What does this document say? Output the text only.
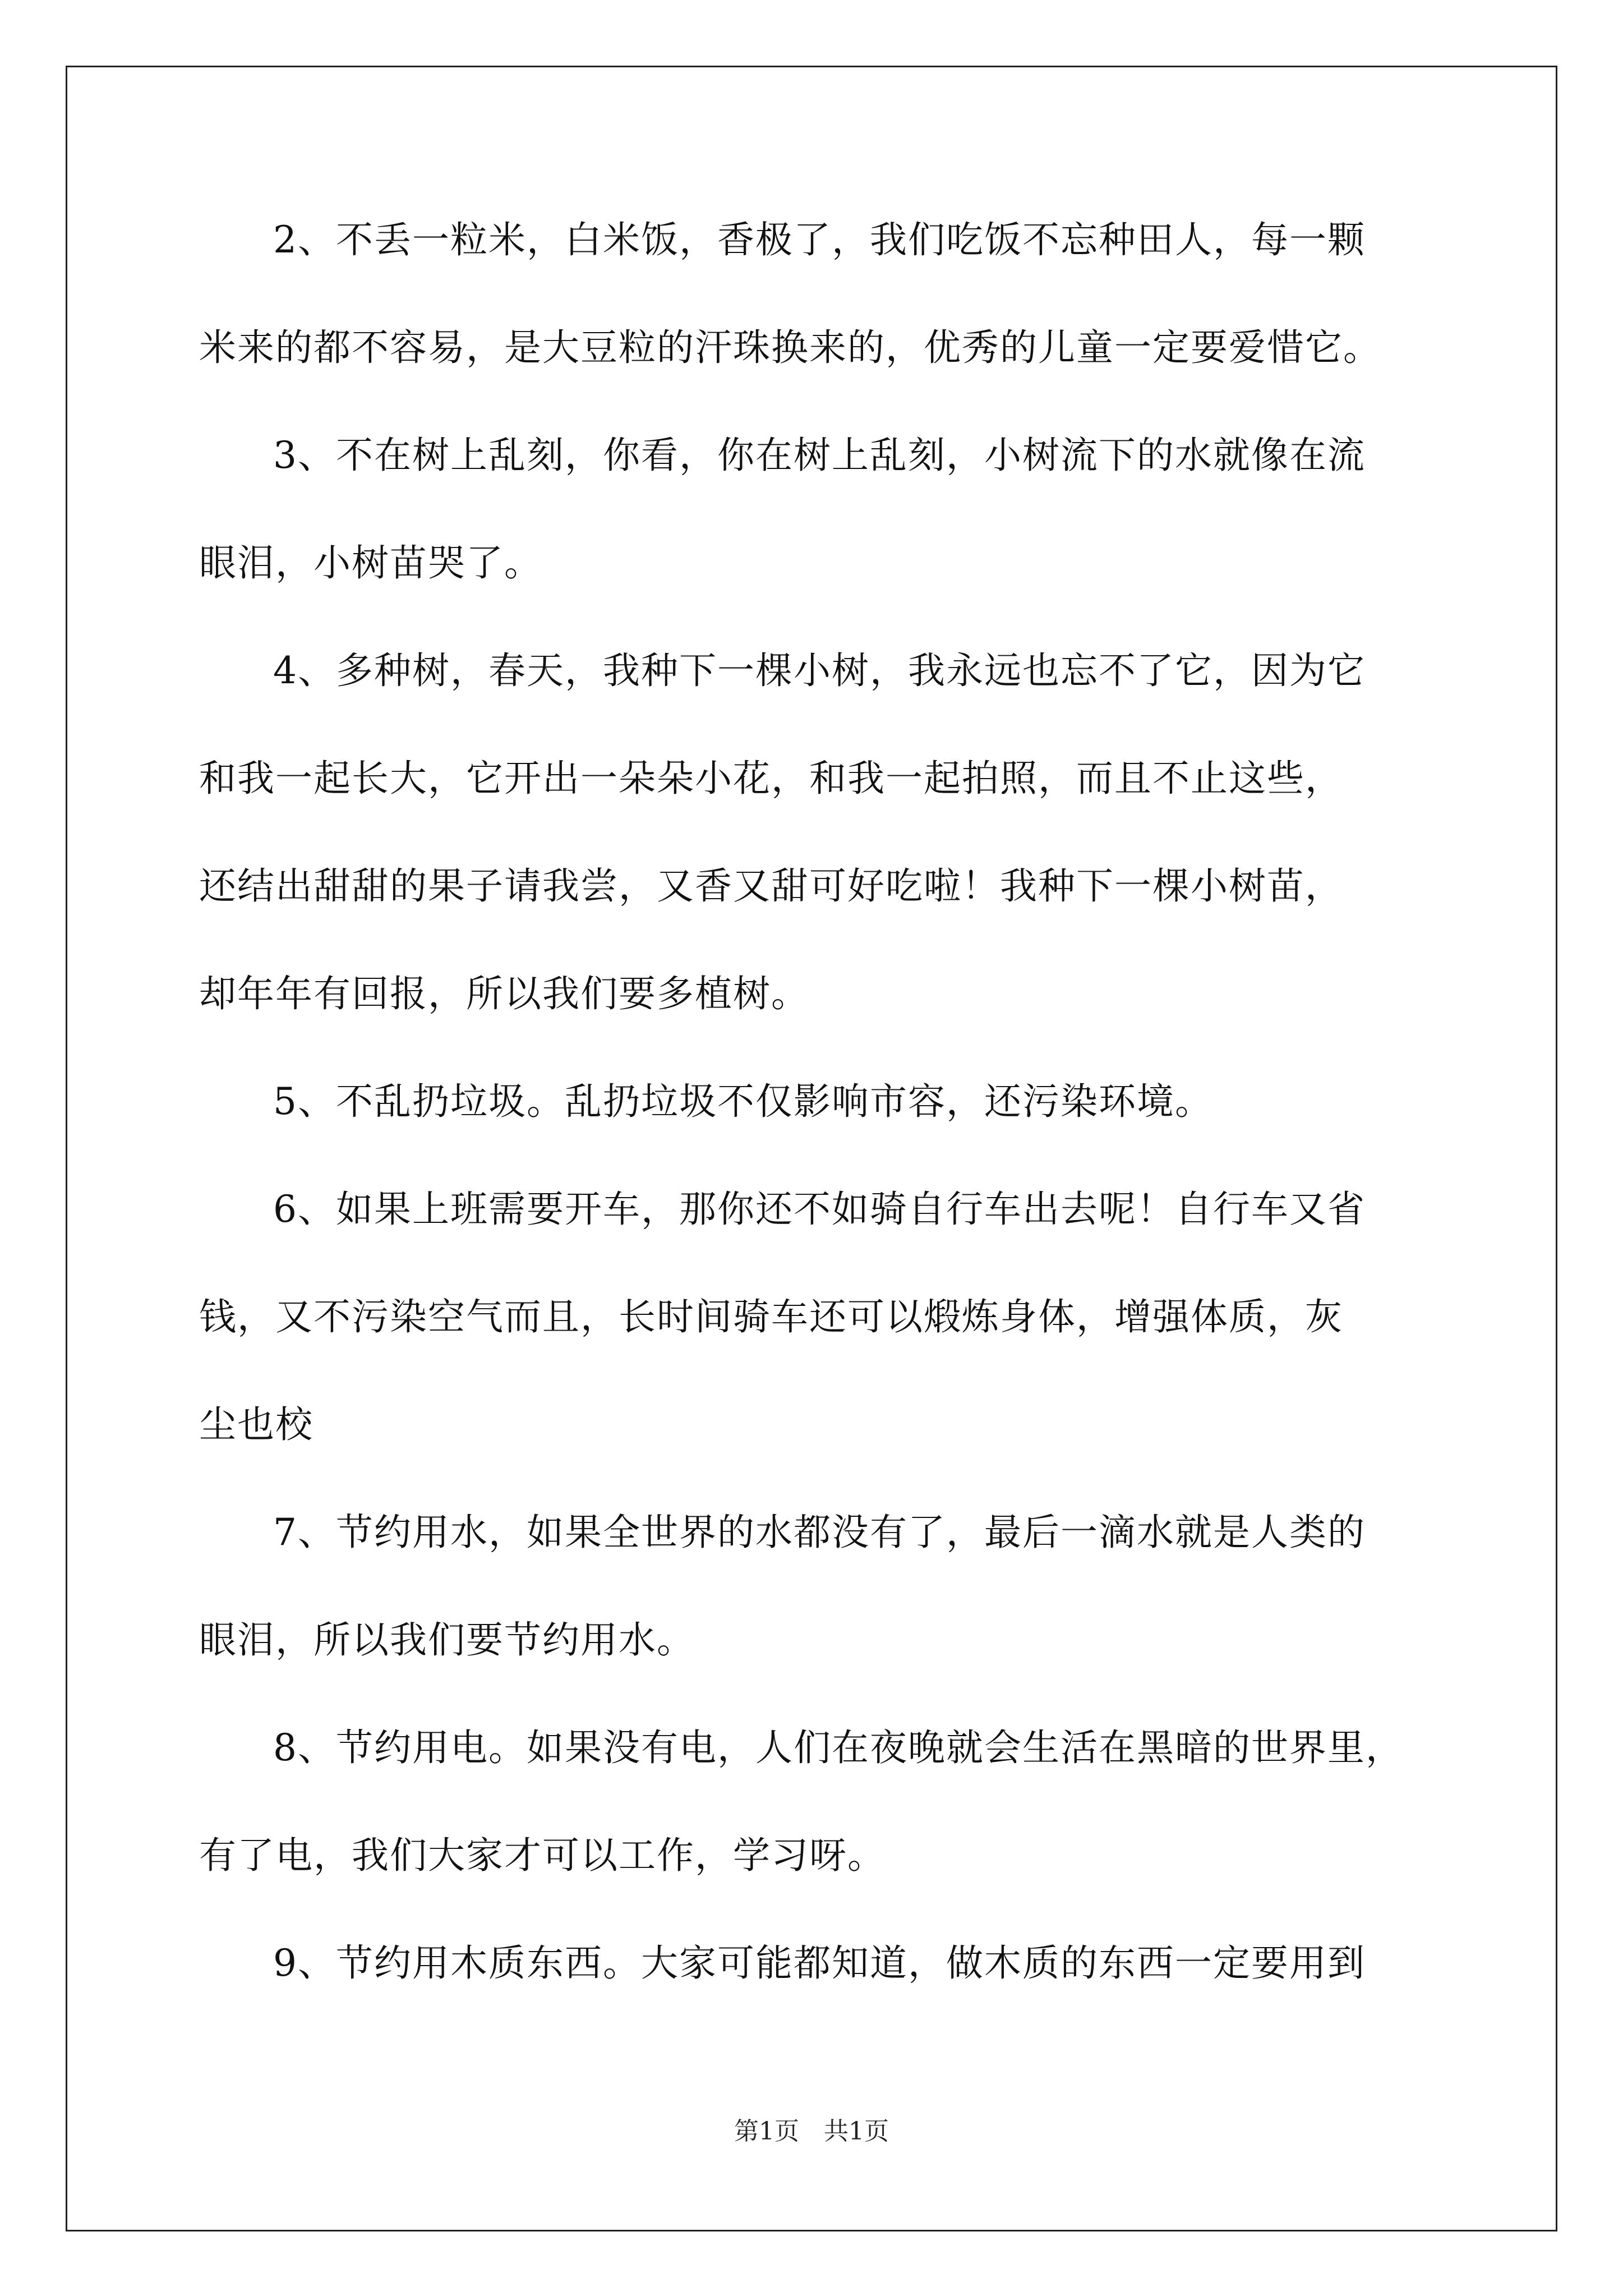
2、不丢一粒米，白米饭，香极了，我们吃饭不忘种田人，每一颗
米来的都不容易，是大豆粒的汗珠换来的，优秀的儿童一定要爱惜它。

3、不在树上乱刻，你看，你在树上乱刻，小树流下的水就像在流
眼泪，小树苗哭了。

4、多种树，春天，我种下一棵小树，我永远也忘不了它，因为它
和我一起长大，它开出一朵朵小花，和我一起拍照，而且不止这些，
还结出甜甜的果子请我尝，又香又甜可好吃啦！我种下一棵小树苗，
却年年有回报，所以我们要多植树。

5、不乱扔垃圾。乱扔垃圾不仅影响市容，还污染环境。

6、如果上班需要开车，那你还不如骑自行车出去呢！自行车又省
钱，又不污染空气而且，长时间骑车还可以煅炼身体，增强体质，灰
尘也校

7、节约用水，如果全世界的水都没有了，最后一滴水就是人类的
眼泪，所以我们要节约用水。

8、节约用电。如果没有电，人们在夜晚就会生活在黑暗的世界里，
有了电，我们大家才可以工作，学习呀。

9、节约用木质东西。大家可能都知道，做木质的东西一定要用到

第1页　共1页
